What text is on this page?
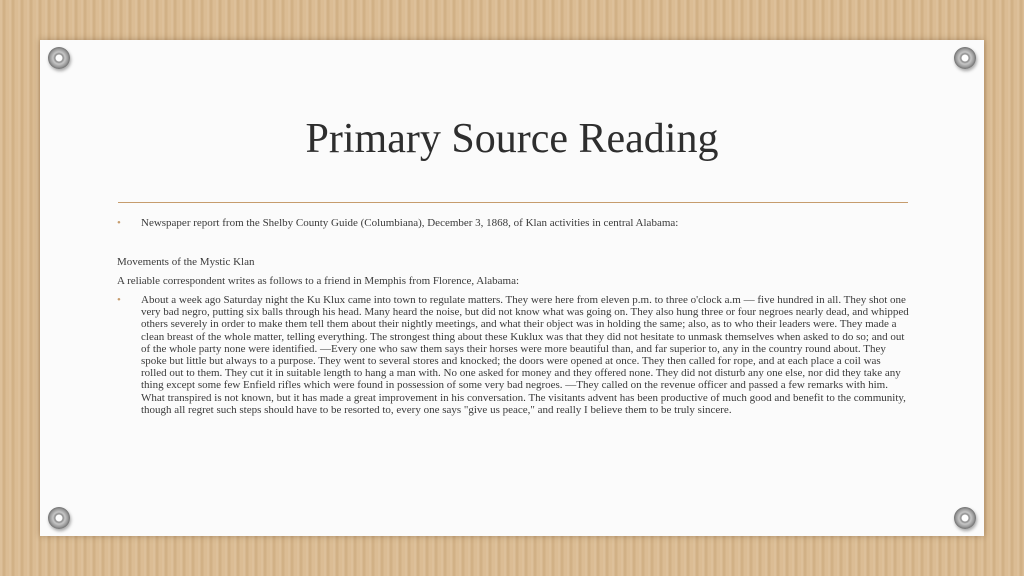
Primary Source Reading
• Newspaper report from the Shelby County Guide (Columbiana), December 3, 1868, of Klan activities in central Alabama:
Movements of the Mystic Klan
A reliable correspondent writes as follows to a friend in Memphis from Florence, Alabama:
• About a week ago Saturday night the Ku Klux came into town to regulate matters. They were here from eleven p.m. to three o'clock a.m — five hundred in all. They shot one very bad negro, putting six balls through his head. Many heard the noise, but did not know what was going on. They also hung three or four negroes nearly dead, and whipped others severely in order to make them tell them about their nightly meetings, and what their object was in holding the same; also, as to who their leaders were. They made a clean breast of the whole matter, telling everything. The strongest thing about these Kuklux was that they did not hesitate to unmask themselves when asked to do so; and out of the whole party none were identified. —Every one who saw them says their horses were more beautiful than, and far superior to, any in the country round about. They spoke but little but always to a purpose. They went to several stores and knocked; the doors were opened at once. They then called for rope, and at each place a coil was rolled out to them. They cut it in suitable length to hang a man with. No one asked for money and they offered none. They did not disturb any one else, nor did they take any thing except some few Enfield rifles which were found in possession of some very bad negroes. —They called on the revenue officer and passed a few remarks with him. What transpired is not known, but it has made a great improvement in his conversation. The visitants advent has been productive of much good and benefit to the community, though all regret such steps should have to be resorted to, every one says "give us peace," and really I believe them to be truly sincere.
